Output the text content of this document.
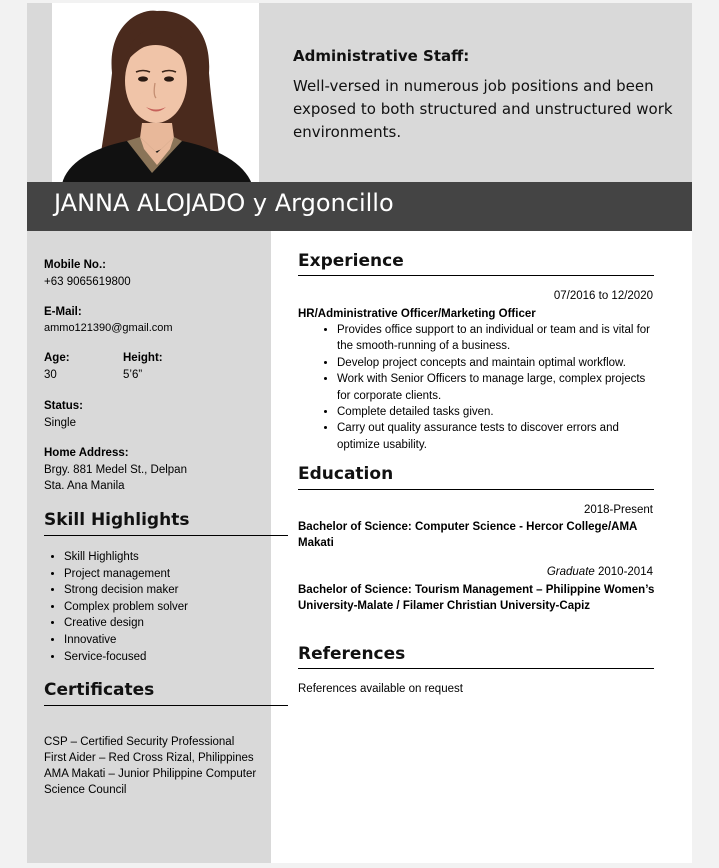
Administrative Staff:
Well-versed in numerous job positions and been exposed to both structured and unstructured work environments.
JANNA ALOJADO y Argoncillo
Mobile No.:
+63 9065619800
E-Mail:
ammo121390@gmail.com
Age:
30
Height:
5’6”
Status:
Single
Home Address:
Brgy. 881 Medel St., Delpan
Sta. Ana Manila
Skill Highlights
• Skill Highlights
• Project management
• Strong decision maker
• Complex problem solver
• Creative design
• Innovative
• Service-focused
Certificates
CSP – Certified Security Professional
First Aider – Red Cross Rizal, Philippines
AMA Makati – Junior Philippine Computer
Science Council
Experience
07/2016 to 12/2020
HR/Administrative Officer/Marketing Officer
• Provides office support to an individual or team and is vital for the smooth-running of a business.
• Develop project concepts and maintain optimal workflow.
• Work with Senior Officers to manage large, complex projects for corporate clients.
• Complete detailed tasks given.
• Carry out quality assurance tests to discover errors and optimize usability.
Education
2018-Present
Bachelor of Science: Computer Science - Hercor College/AMA
Makati
Graduate 2010-2014
Bachelor of Science: Tourism Management – Philippine Women’s
University-Malate / Filamer Christian University-Capiz
References
References available on request
